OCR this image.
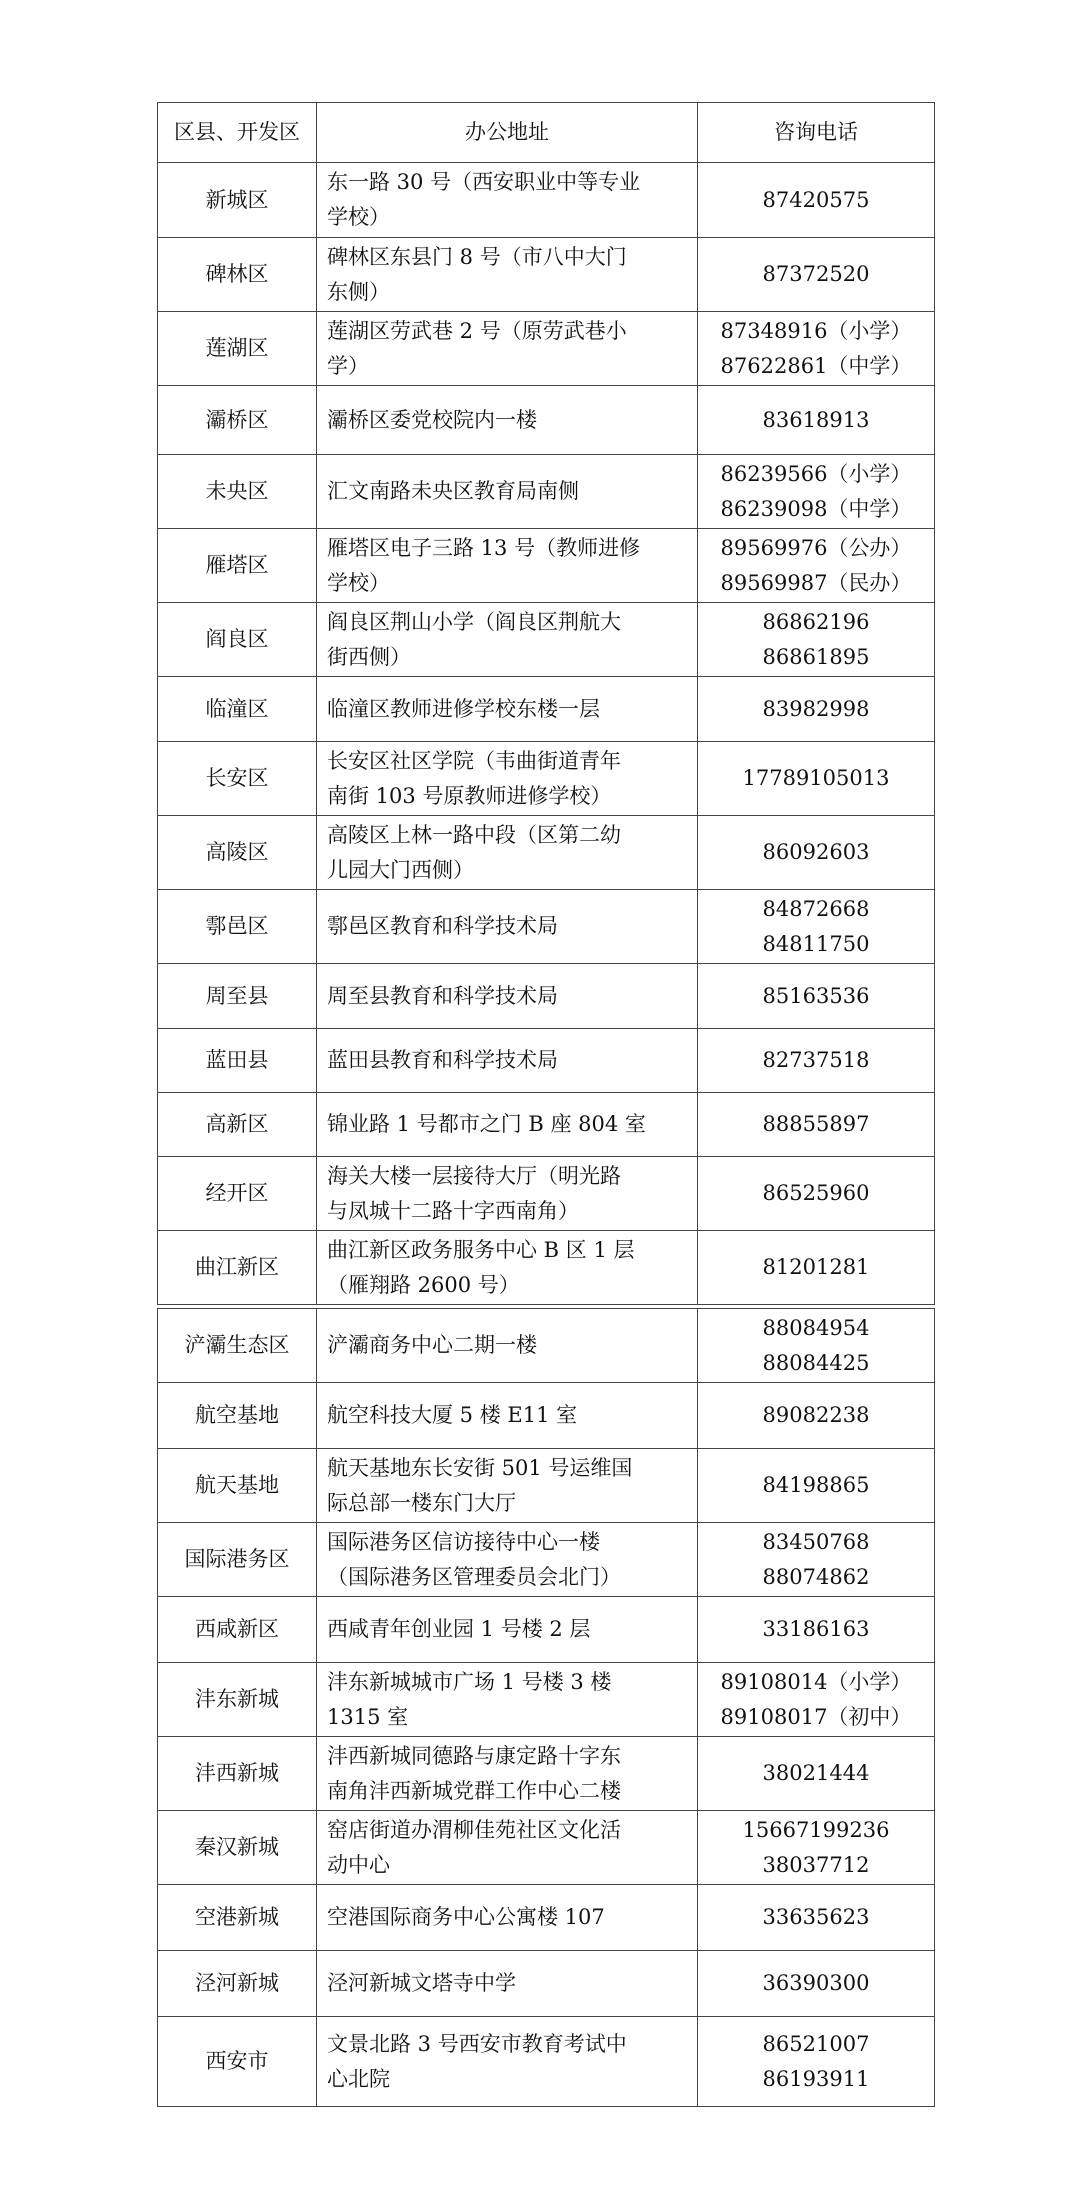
区县、开发区	办公地址	咨询电话
新城区	东一路 30 号（西安职业中等专业
学校）	87420575

碑林区	碑林区东县门 8 号（市八中大门
东侧）	87372520

莲湖区	莲湖区劳武巷 2 号（原劳武巷小
学）	87348916（小学）
87622861（中学）

灞桥区	灞桥区委党校院内一楼	83618913

未央区	汇文南路未央区教育局南侧	86239566（小学）
86239098（中学）

雁塔区	雁塔区电子三路 13 号（教师进修
学校）	89569976（公办）
89569987（民办）

阎良区	阎良区荆山小学（阎良区荆航大
街西侧）	86862196
86861895

临潼区	临潼区教师进修学校东楼一层	83982998

长安区	长安区社区学院（韦曲街道青年
南街 103 号原教师进修学校）	17789105013

高陵区	高陵区上林一路中段（区第二幼
儿园大门西侧）	86092603

鄠邑区	鄠邑区教育和科学技术局	84872668
84811750

周至县	周至县教育和科学技术局	85163536

蓝田县	蓝田县教育和科学技术局	82737518

高新区	锦业路 1 号都市之门 B 座 804 室	88855897

经开区	海关大楼一层接待大厅（明光路
与凤城十二路十字西南角）	86525960

曲江新区	曲江新区政务服务中心 B 区 1 层
（雁翔路 2600 号）	81201281
浐灞生态区	浐灞商务中心二期一楼	88084954
88084425

航空基地	航空科技大厦 5 楼 E11 室	89082238

航天基地	航天基地东长安街 501 号运维国
际总部一楼东门大厅	84198865

国际港务区	国际港务区信访接待中心一楼
（国际港务区管理委员会北门）	83450768
88074862

西咸新区	西咸青年创业园 1 号楼 2 层	33186163

沣东新城	沣东新城城市广场 1 号楼 3 楼
1315 室	89108014（小学）
89108017（初中）

沣西新城	沣西新城同德路与康定路十字东
南角沣西新城党群工作中心二楼	38021444

秦汉新城	窑店街道办渭柳佳苑社区文化活
动中心	15667199236
38037712

空港新城	空港国际商务中心公寓楼 107	33635623

泾河新城	泾河新城文塔寺中学	36390300

西安市	文景北路 3 号西安市教育考试中
心北院	86521007
86193911
